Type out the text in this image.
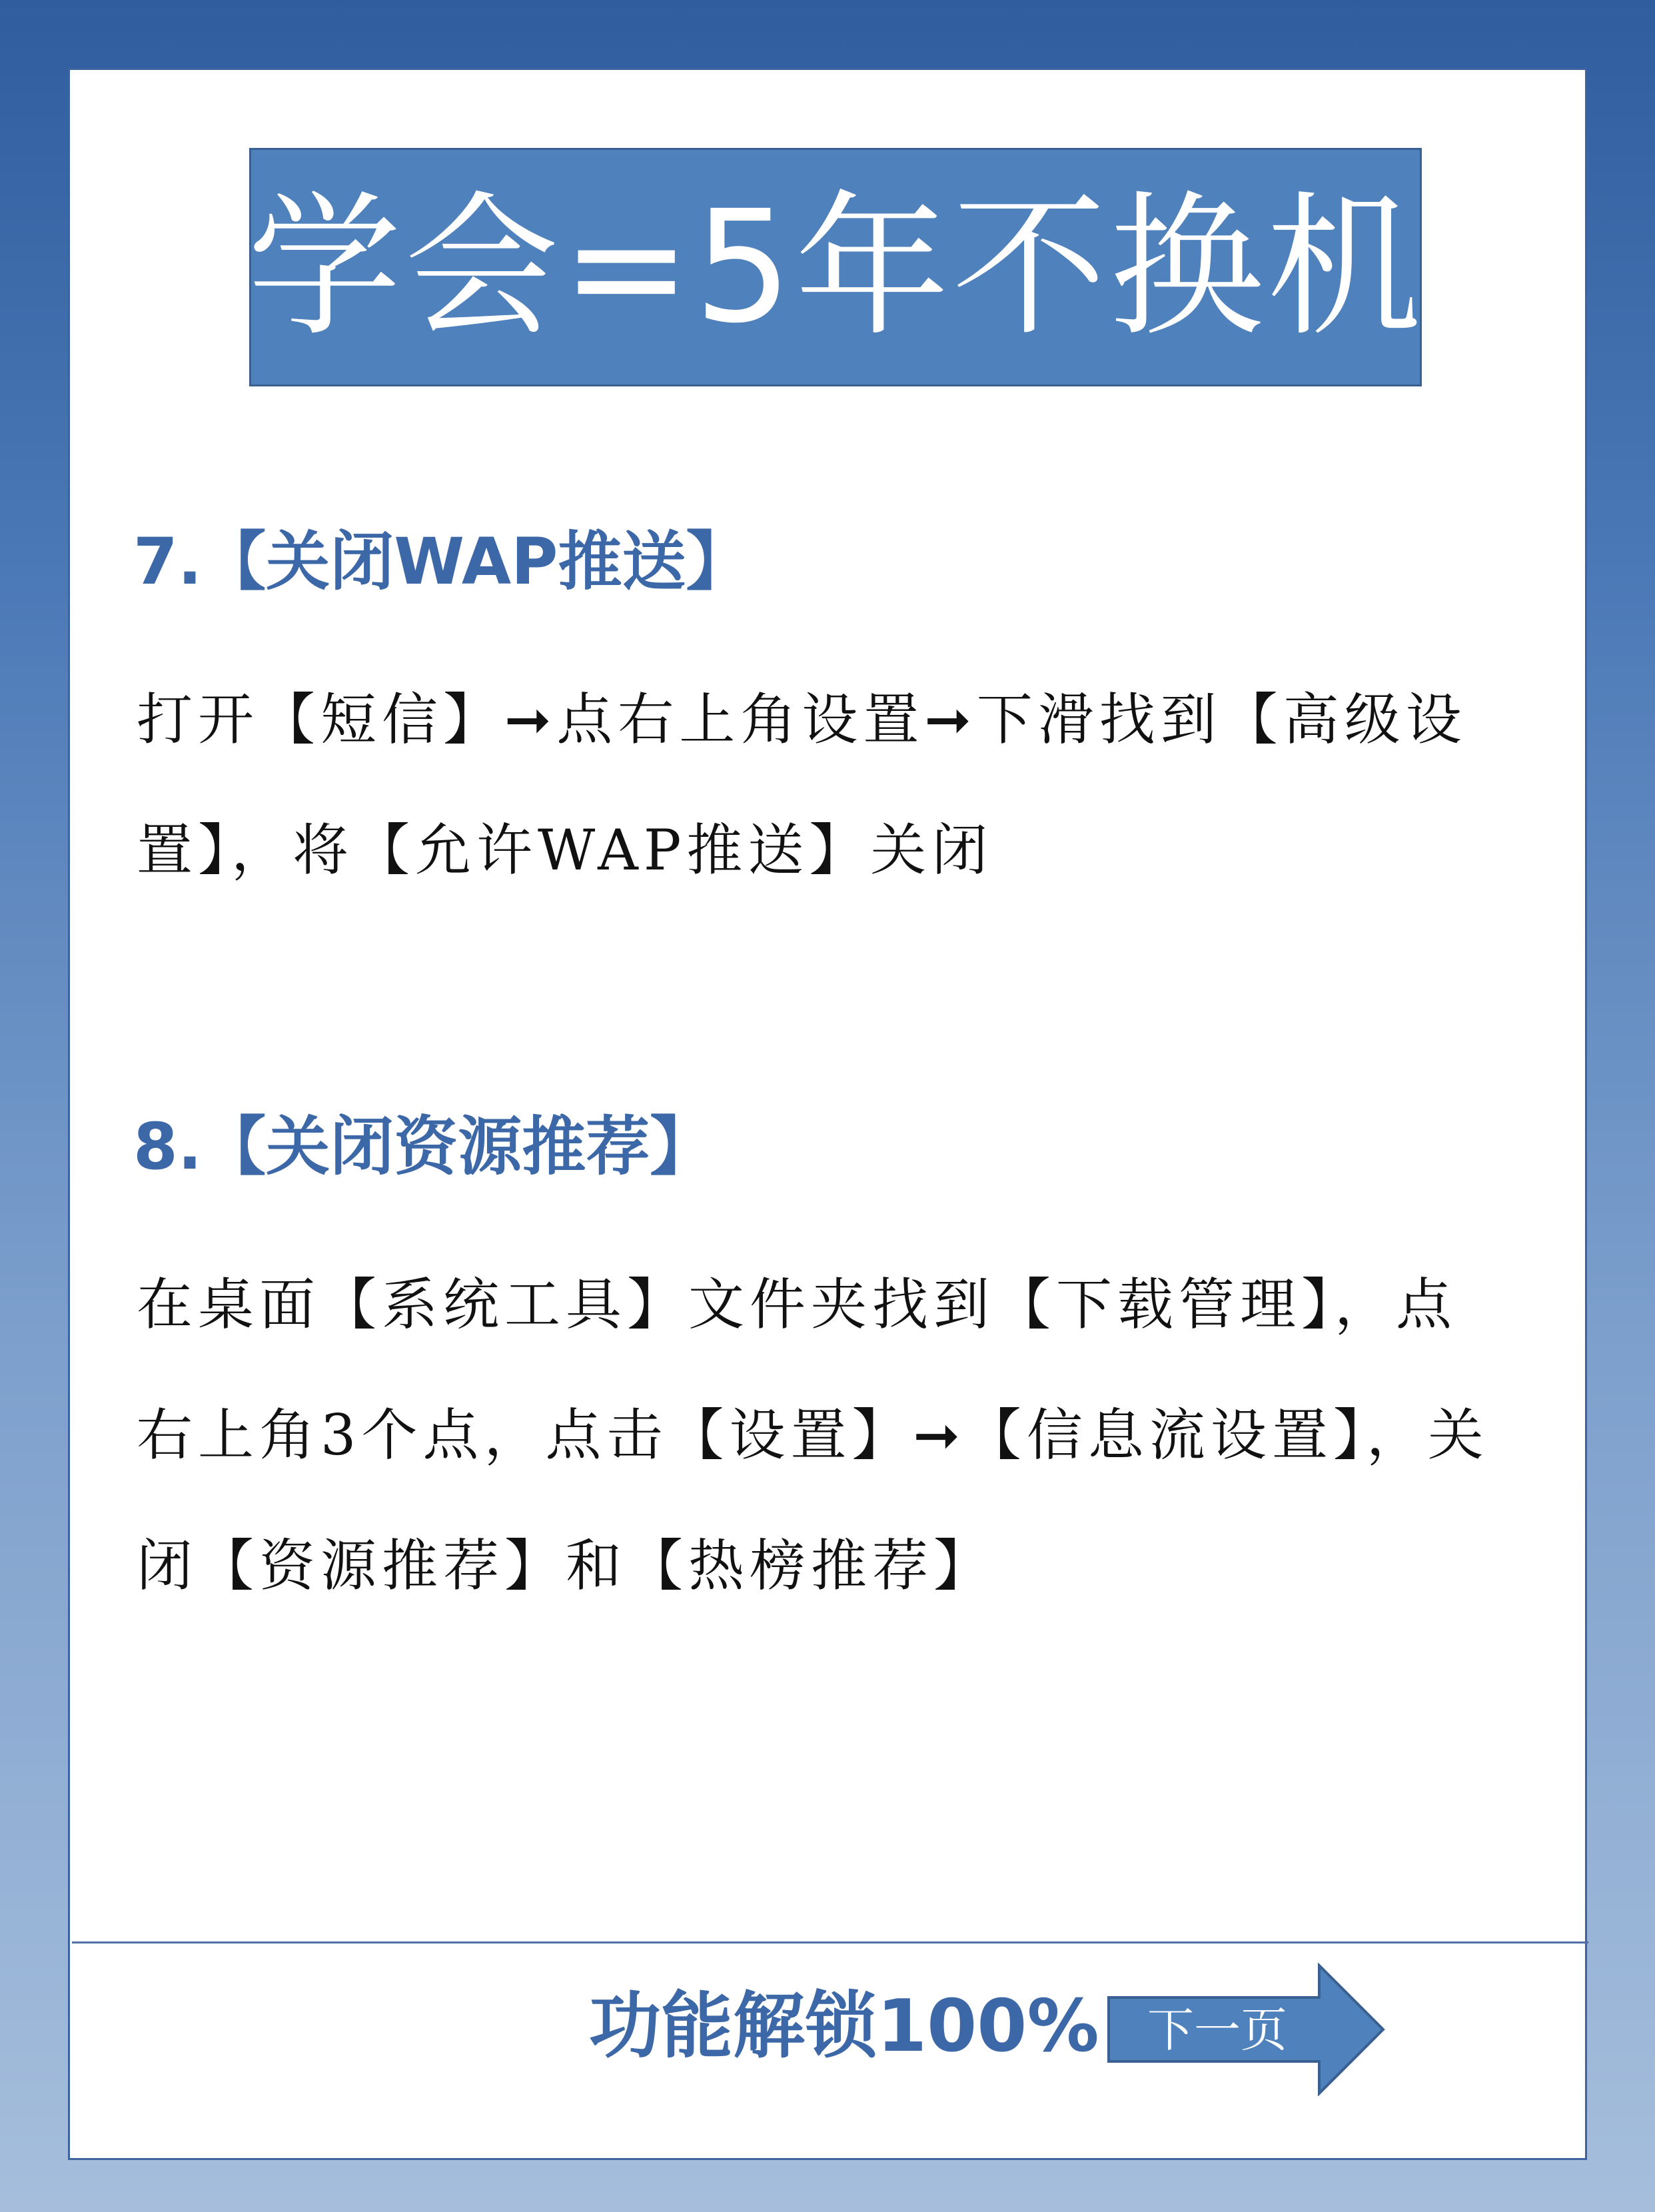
学会=5年不换机
7.【关闭WAP推送】
打开【短信】➞点右上角设置➞下滑找到【高级设
置】，将【允许WAP推送】关闭
8.【关闭资源推荐】
在桌面【系统工具】文件夹找到【下载管理】，点
右上角3个点，点击【设置】➞【信息流设置】，关
闭【资源推荐】和【热榜推荐】
功能解锁100% 下一页
